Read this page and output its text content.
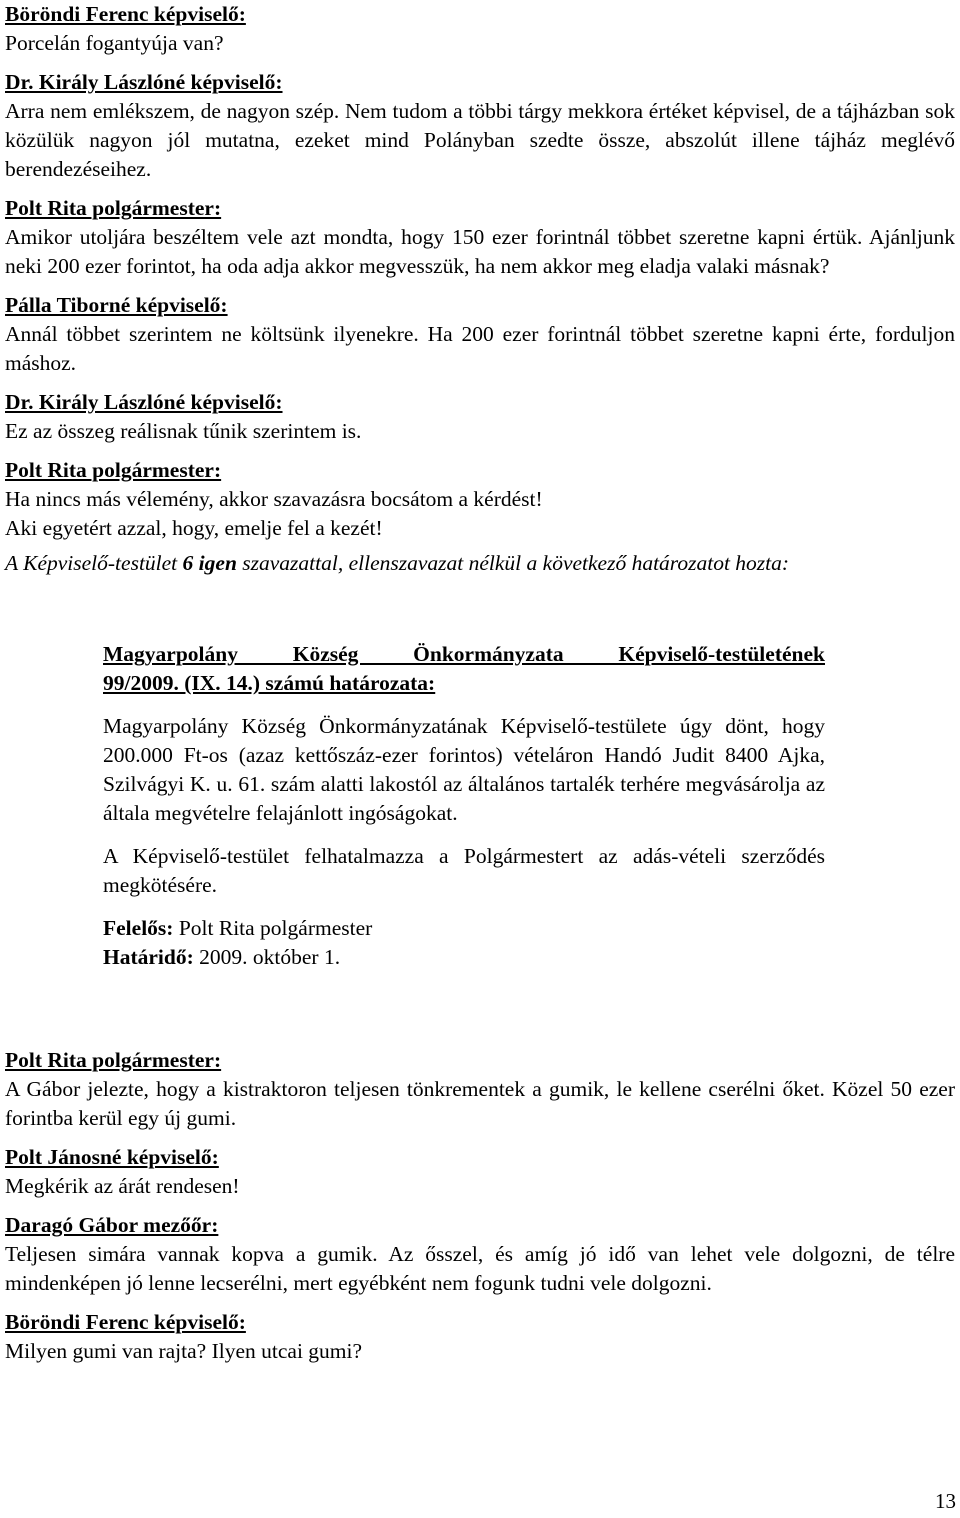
Böröndi Ferenc képviselő:

Porcelán fogantyúja van?

Dr. Király Lászlóné képviselő:

Arra nem emlékszem, de nagyon szép. Nem tudom a többi tárgy mekkora értéket képvisel, de a tájházban sok közülük nagyon jól mutatna, ezeket mind Polányban szedte össze, abszolút illene tájház meglévő berendezéseihez.

Polt Rita polgármester:

Amikor utoljára beszéltem vele azt mondta, hogy 150 ezer forintnál többet szeretne kapni értük. Ajánljunk neki 200 ezer forintot, ha oda adja akkor megvesszük, ha nem akkor meg eladja valaki másnak?

Pálla Tiborné képviselő:

Annál többet szerintem ne költsünk ilyenekre. Ha 200 ezer forintnál többet szeretne kapni érte, forduljon máshoz.

Dr. Király Lászlóné képviselő:

Ez az összeg reálisnak tűnik szerintem is.

Polt Rita polgármester:

Ha nincs más vélemény, akkor szavazásra bocsátom a kérdést!

Aki egyetért azzal, hogy, emelje fel a kezét!

A Képviselő-testület 6 igen szavazattal, ellenszavazat nélkül a következő határozatot hozta:

Magyarpolány Község Önkormányzata Képviselő-testületének
99/2009. (IX. 14.) számú határozata:

Magyarpolány Község Önkormányzatának Képviselő-testülete úgy dönt, hogy 200.000 Ft-os (azaz kettőszáz-ezer forintos) vételáron Handó Judit 8400 Ajka, Szilvágyi K. u. 61. szám alatti lakostól az általános tartalék terhére megvásárolja az általa megvételre felajánlott ingóságokat.

A Képviselő-testület felhatalmazza a Polgármestert az adás-vételi szerződés megkötésére.

Felelős: Polt Rita polgármester
Határidő: 2009. október 1.

Polt Rita polgármester:

A Gábor jelezte, hogy a kistraktoron teljesen tönkrementek a gumik, le kellene cserélni őket. Közel 50 ezer forintba kerül egy új gumi.

Polt Jánosné képviselő:

Megkérik az árát rendesen!

Daragó Gábor mezőőr:

Teljesen simára vannak kopva a gumik. Az ősszel, és amíg jó idő van lehet vele dolgozni, de télre mindenképen jó lenne lecserélni, mert egyébként nem fogunk tudni vele dolgozni.

Böröndi Ferenc képviselő:

Milyen gumi van rajta? Ilyen utcai gumi?

13
